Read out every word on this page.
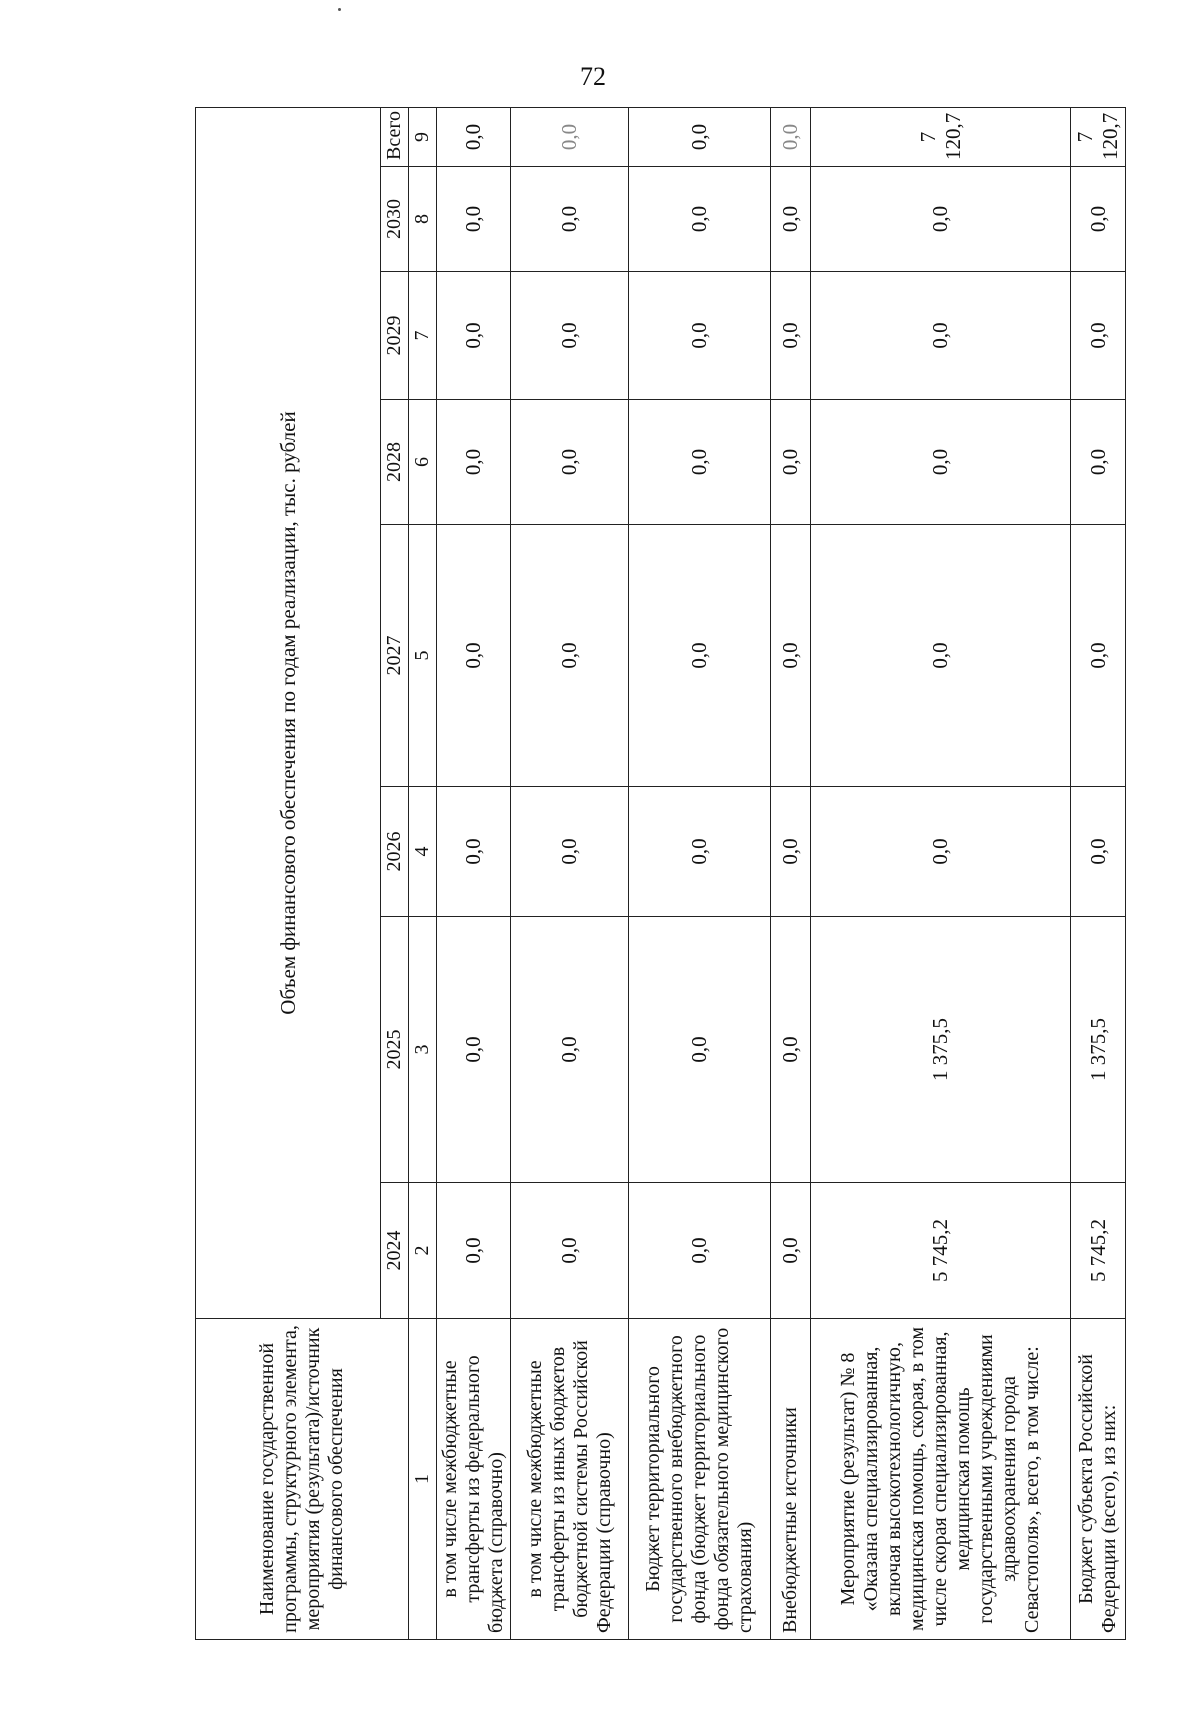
72
Наименование государственной программы, структурного элемента, мероприятия (результата)/источник финансового обеспечения	Объем финансового обеспечения по годам реализации, тыс. рублей							
	2024	2025	2026	2027	2028	2029	2030	Всего
1	2	3	4	5	6	7	8	9
в том числе межбюджетные трансферты из федерального бюджета (справочно)	0,0	0,0	0,0	0,0	0,0	0,0	0,0	0,0
в том числе межбюджетные трансферты из иных бюджетов бюджетной системы Российской Федерации (справочно)	0,0	0,0	0,0	0,0	0,0	0,0	0,0	0,0
Бюджет территориального государственного внебюджетного фонда (бюджет территориального фонда обязательного медицинского страхования)	0,0	0,0	0,0	0,0	0,0	0,0	0,0	0,0
Внебюджетные источники	0,0	0,0	0,0	0,0	0,0	0,0	0,0	0,0
Мероприятие (результат) № 8 «Оказана специализированная, включая высокотехнологичную, медицинская помощь, скорая, в том числе скорая специализированная, медицинская помощь государственными учреждениями здравоохранения города Севастополя», всего, в том числе:	5 745,2	1 375,5	0,0	0,0	0,0	0,0	0,0	7 120,7
Бюджет субъекта Российской Федерации (всего), из них:	5 745,2	1 375,5	0,0	0,0	0,0	0,0	0,0	7 120,7
